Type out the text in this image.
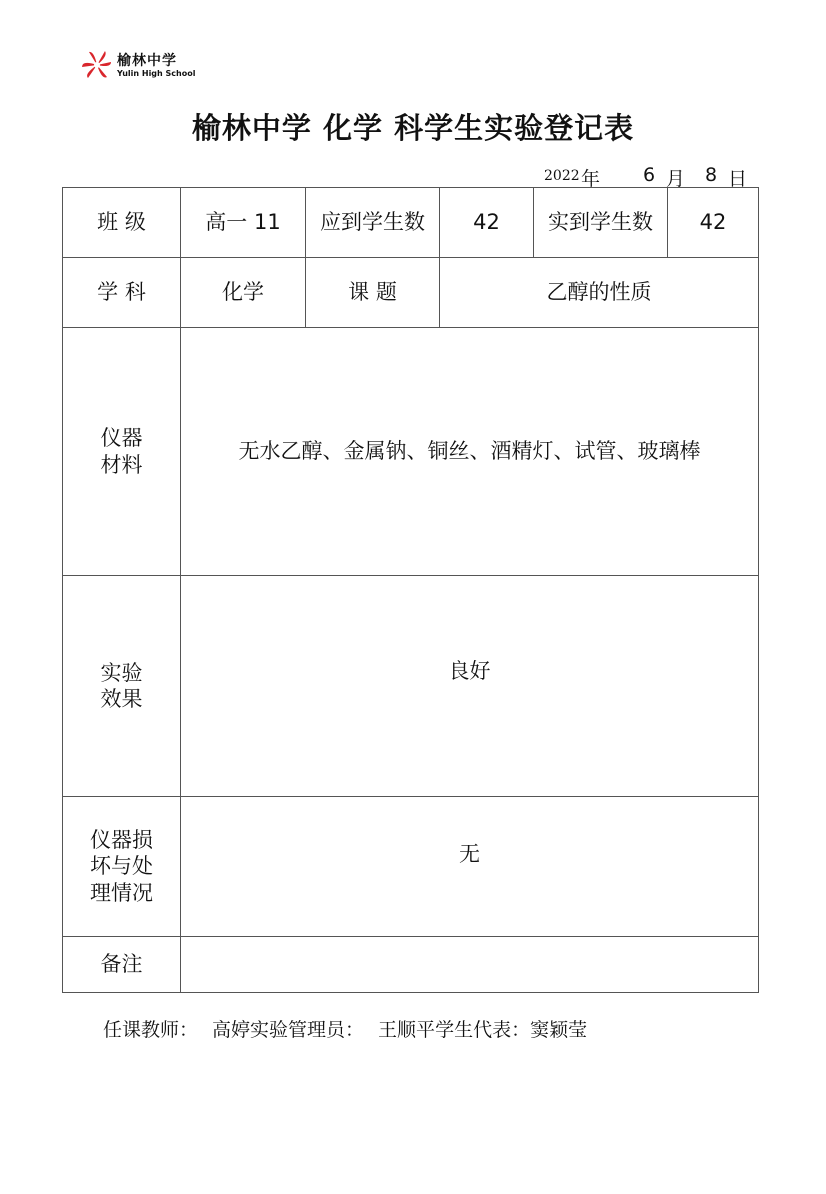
榆林中学
Yulin High School
榆林中学 化学 科学生实验登记表
2022 年 6 月 8 日
班 级	高一 11	应到学生数	42	实到学生数	42
学 科	化学	课 题	乙醇的性质		
仪器
材料	无水乙醇、金属钠、铜丝、酒精灯、试管、玻璃棒				
实验
效果	良好				
仪器损
坏与处
理情况	无				
备注					
任课教师： 高婷实验管理员： 王顺平学生代表：窦颖莹
